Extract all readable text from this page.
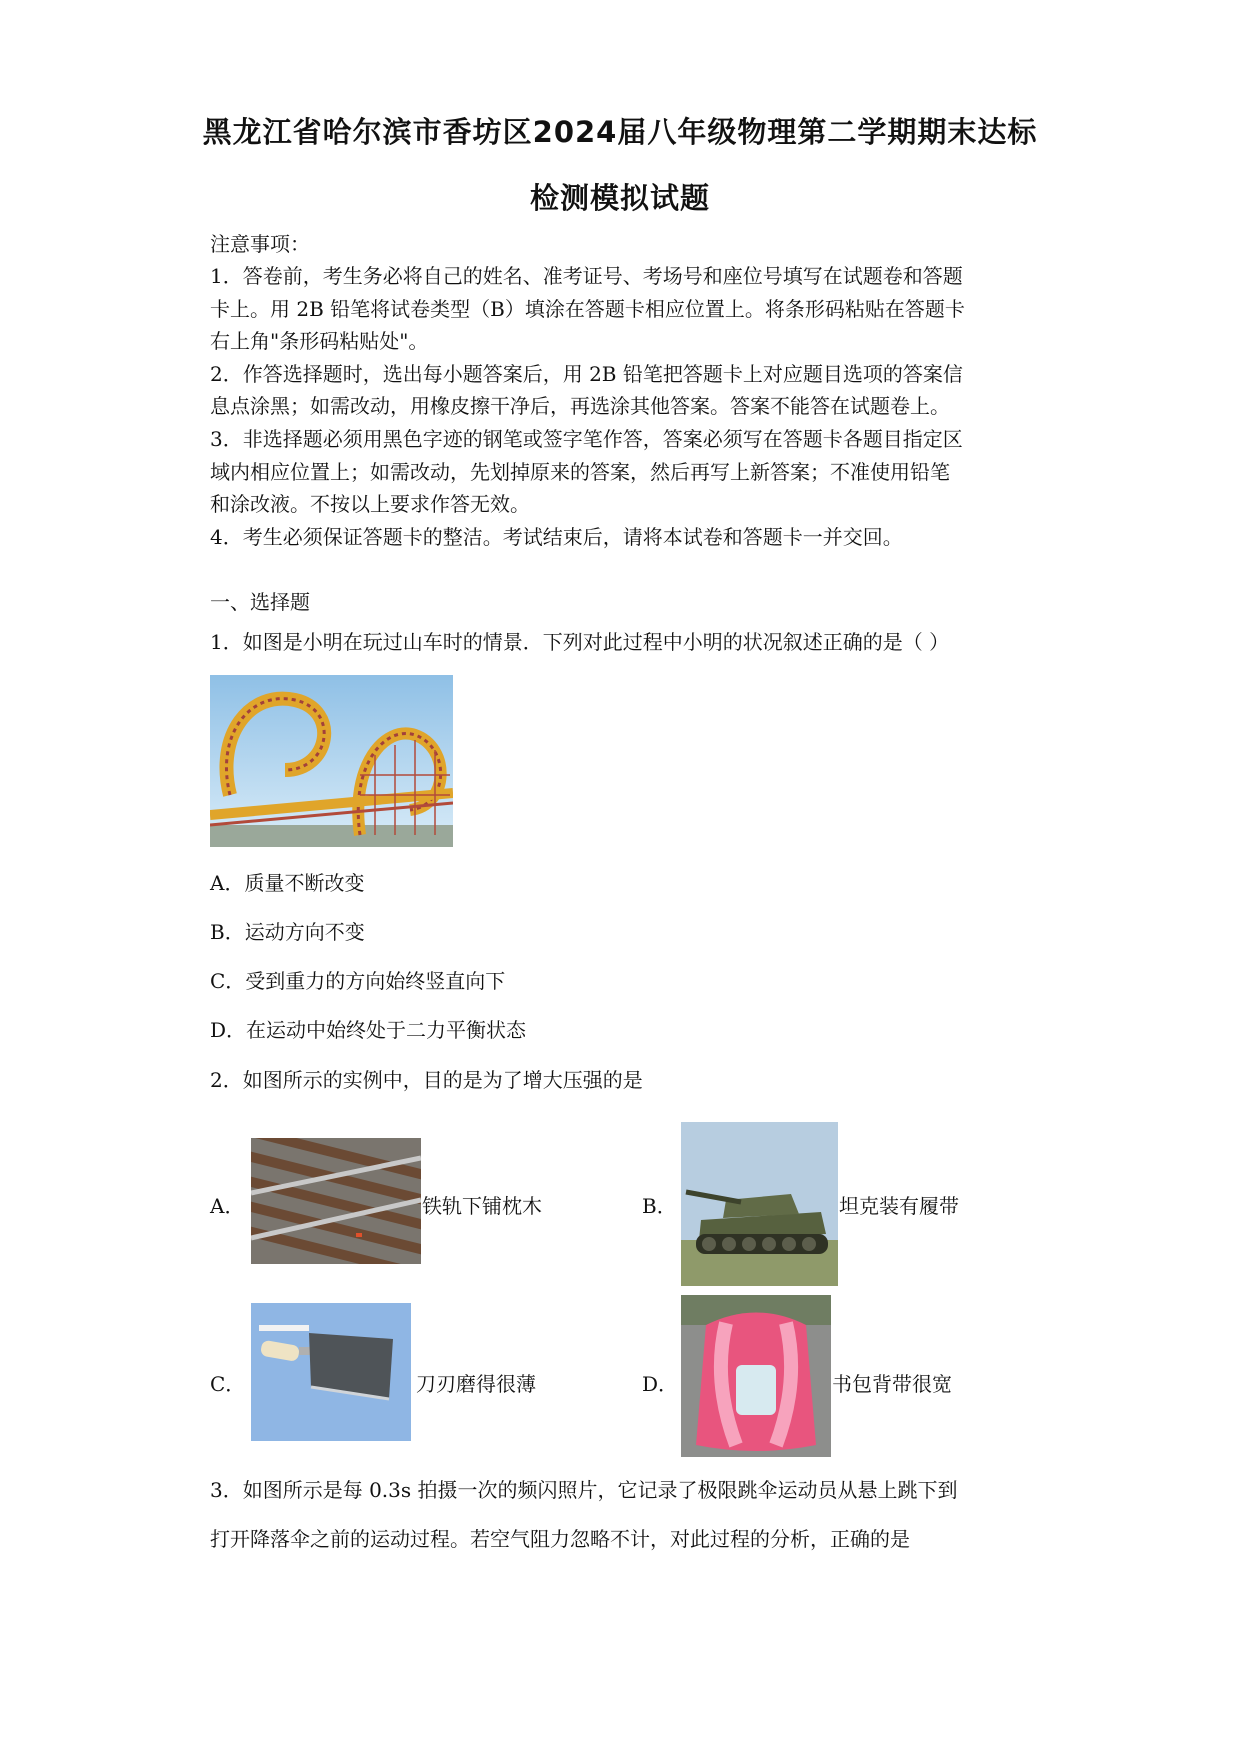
黑龙江省哈尔滨市香坊区2024届八年级物理第二学期期末达标
检测模拟试题
注意事项：

1．答卷前，考生务必将自己的姓名、准考证号、考场号和座位号填写在试题卷和答题

卡上。用 2B 铅笔将试卷类型（B）填涂在答题卡相应位置上。将条形码粘贴在答题卡

右上角"条形码粘贴处"。

2．作答选择题时，选出每小题答案后，用 2B 铅笔把答题卡上对应题目选项的答案信

息点涂黑；如需改动，用橡皮擦干净后，再选涂其他答案。答案不能答在试题卷上。

3．非选择题必须用黑色字迹的钢笔或签字笔作答，答案必须写在答题卡各题目指定区

域内相应位置上；如需改动，先划掉原来的答案，然后再写上新答案；不准使用铅笔

和涂改液。不按以上要求作答无效。

4．考生必须保证答题卡的整洁。考试结束后，请将本试卷和答题卡一并交回。

一、选择题
1．如图是小明在玩过山车时的情景．下列对此过程中小明的状况叙述正确的是（ ）
A．质量不断改变
B．运动方向不变
C．受到重力的方向始终竖直向下
D．在运动中始终处于二力平衡状态
2．如图所示的实例中，目的是为了增大压强的是
A．	铁轨下铺枕木	B．	坦克装有履带
C．	刀刃磨得很薄	D．	书包背带很宽
3．如图所示是每 0.3s 拍摄一次的频闪照片，它记录了极限跳伞运动员从悬上跳下到
打开降落伞之前的运动过程。若空气阻力忽略不计，对此过程的分析，正确的是
